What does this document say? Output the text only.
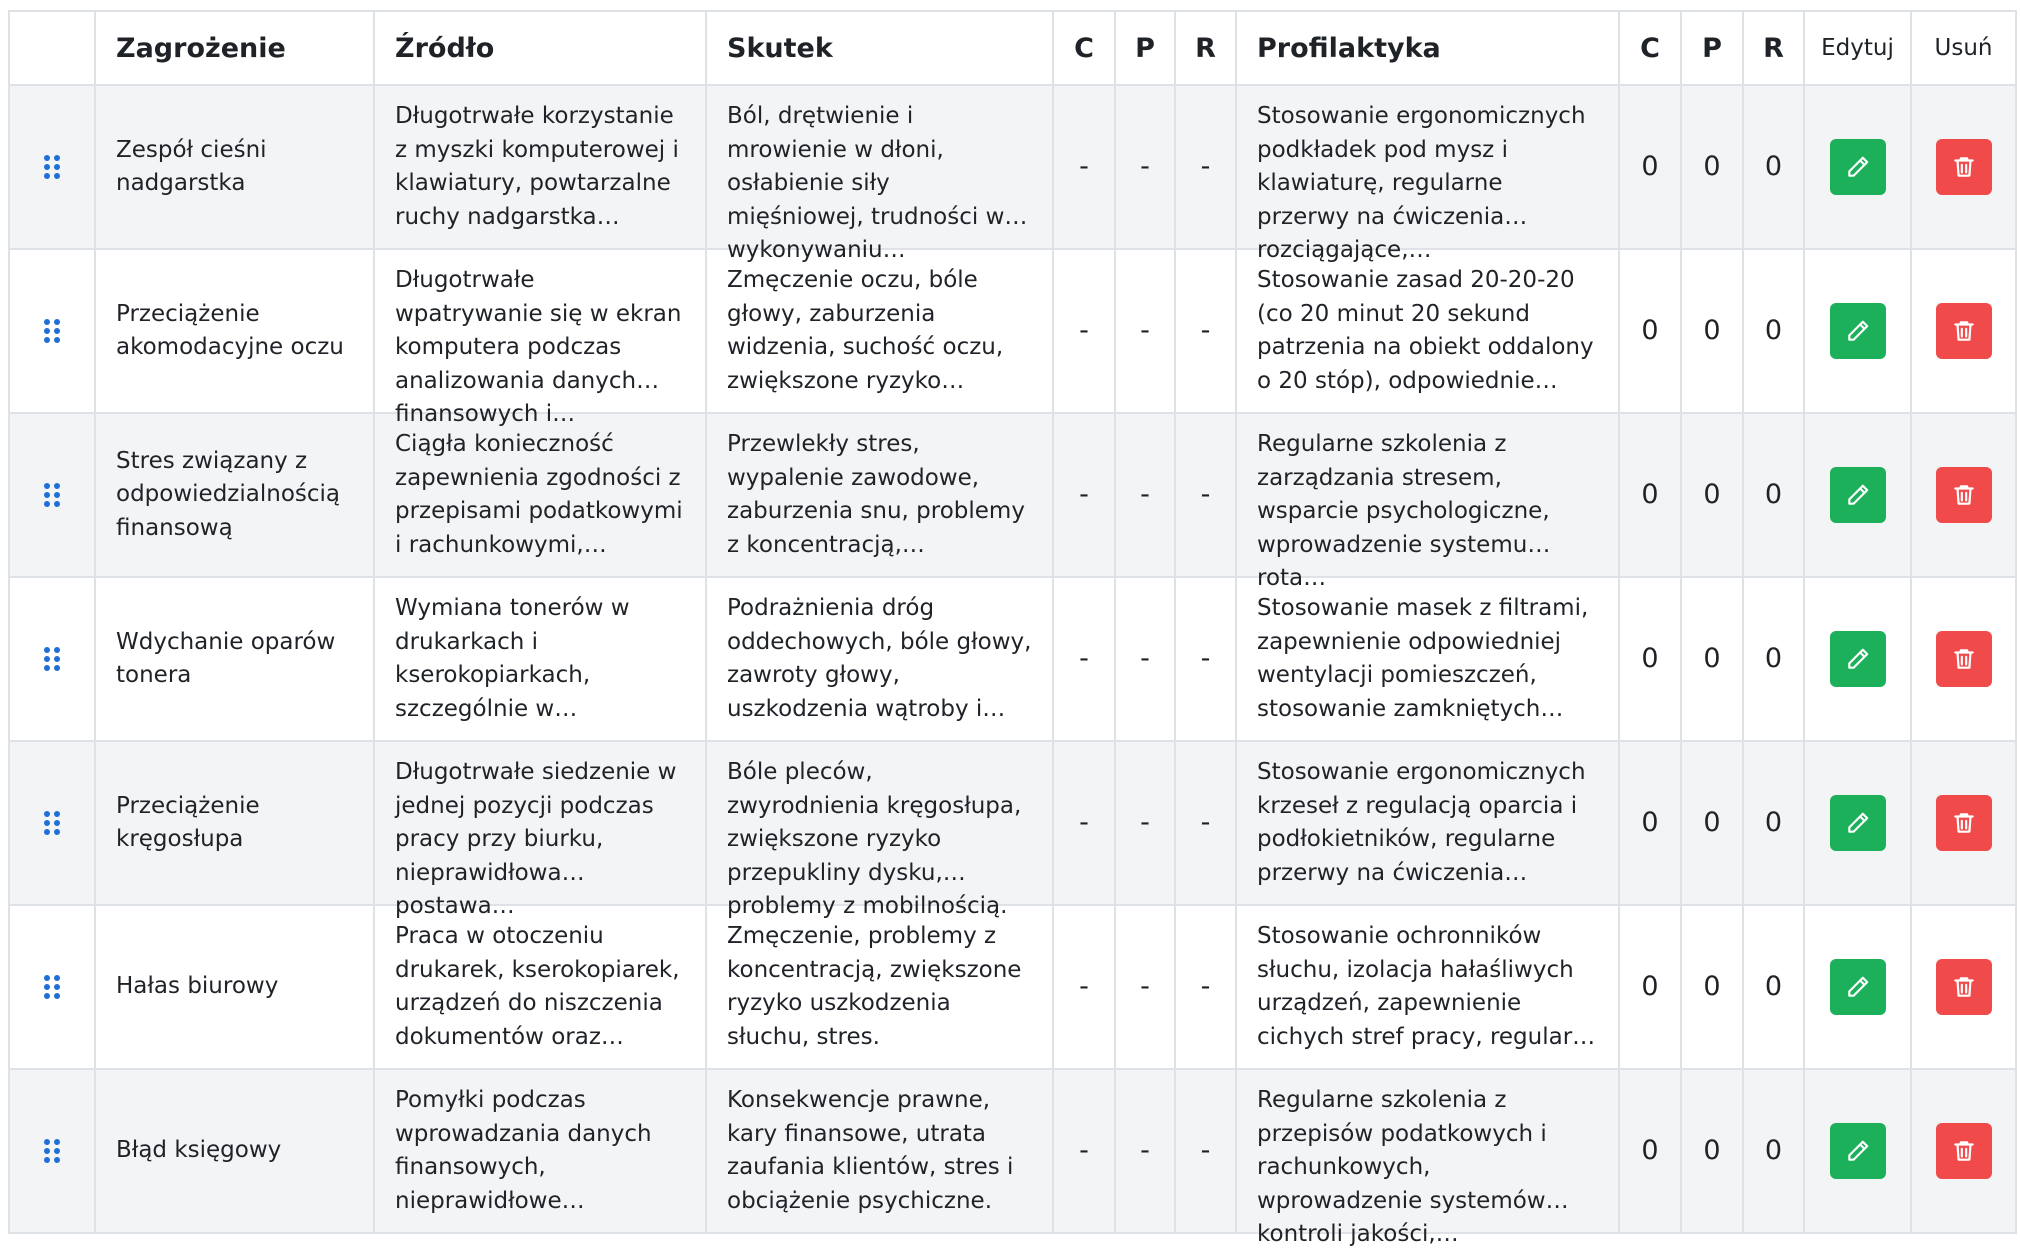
	Zagrożenie	Źródło	Skutek	C	P	R	Profilaktyka	C	P	R	Edytuj	Usuń

	Zespół cieśni nadgarstka	Długotrwałe korzystanie z myszki komputerowej i klawiatury, powtarzalne ruchy nadgarstka…	Ból, drętwienie i mrowienie w dłoni, osłabienie siły mięśniowej, trudności w wykonywaniu…	-	-	-	Stosowanie ergonomicznych podkładek pod mysz i klawiaturę, regularne przerwy na ćwiczenia rozciągające,…	0	0	0	

	Przeciążenie akomodacyjne oczu	Długotrwałe wpatrywanie się w ekran komputera podczas analizowania danych finansowych i…	Zmęczenie oczu, bóle głowy, zaburzenia widzenia, suchość oczu, zwiększone ryzyko…	-	-	-	Stosowanie zasad 20-20-20 (co 20 minut 20 sekund patrzenia na obiekt oddalony o 20 stóp), odpowiednie…	0	0	0	

	Stres związany z odpowiedzialnością finansową	Ciągła konieczność zapewnienia zgodności z przepisami podatkowymi i rachunkowymi,…	Przewlekły stres, wypalenie zawodowe, zaburzenia snu, problemy z koncentracją,…	-	-	-	Regularne szkolenia z zarządzania stresem, wsparcie psychologiczne, wprowadzenie systemu rota…	0	0	0	

	Wdychanie oparów tonera	Wymiana tonerów w drukarkach i kserokopiarkach, szczególnie w…	Podrażnienia dróg oddechowych, bóle głowy, zawroty głowy, uszkodzenia wątroby i…	-	-	-	Stosowanie masek z filtrami, zapewnienie odpowiedniej wentylacji pomieszczeń, stosowanie zamkniętych…	0	0	0	

	Przeciążenie kręgosłupa	Długotrwałe siedzenie w jednej pozycji podczas pracy przy biurku, nieprawidłowa postawa…	Bóle pleców, zwyrodnienia kręgosłupa, zwiększone ryzyko przepukliny dysku, problemy z mobilnością.	-	-	-	Stosowanie ergonomicznych krzeseł z regulacją oparcia i podłokietników, regularne przerwy na ćwiczenia…	0	0	0	

	Hałas biurowy	Praca w otoczeniu drukarek, kserokopiarek, urządzeń do niszczenia dokumentów oraz…	Zmęczenie, problemy z koncentracją, zwiększone ryzyko uszkodzenia słuchu, stres.	-	-	-	Stosowanie ochronników słuchu, izolacja hałaśliwych urządzeń, zapewnienie cichych stref pracy, regular…	0	0	0	

	Błąd księgowy	Pomyłki podczas wprowadzania danych finansowych, nieprawidłowe…	Konsekwencje prawne, kary finansowe, utrata zaufania klientów, stres i obciążenie psychiczne.	-	-	-	Regularne szkolenia z przepisów podatkowych i rachunkowych, wprowadzenie systemów kontroli jakości,…	0	0	0	
